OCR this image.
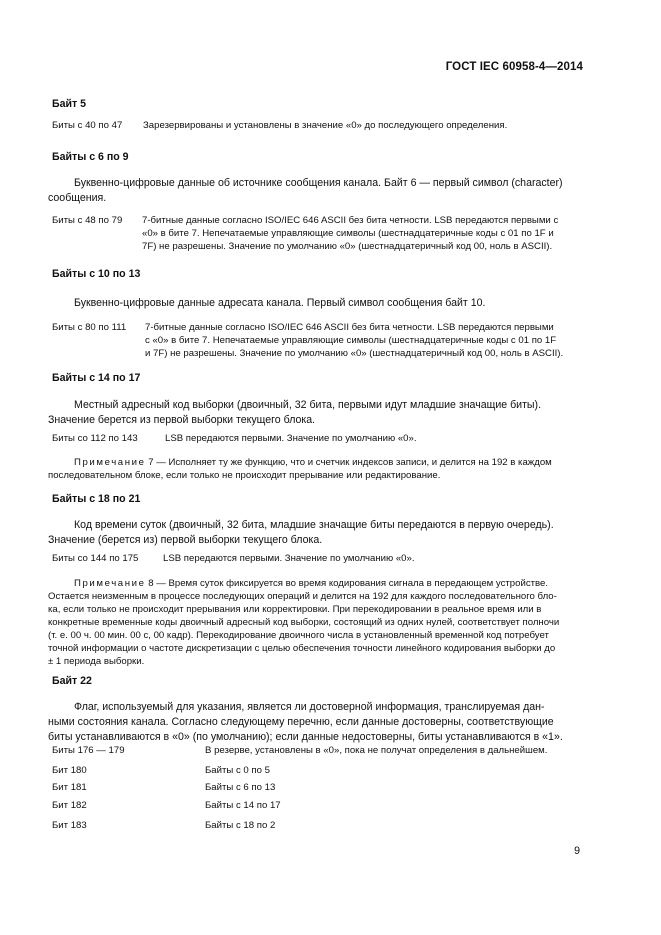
ГОСТ IEC 60958-4—2014
Байт 5
Биты с 40 по 47 Зарезервированы и установлены в значение «0» до последующего определения.
Байты с 6 по 9
Буквенно-цифровые данные об источнике сообщения канала. Байт 6 — первый символ (character)
сообщения.
Биты с 48 по 79 7-битные данные согласно ISO/IEC 646 ASCII без бита четности. LSB передаются первыми с
«0» в бите 7. Непечатаемые управляющие символы (шестнадцатеричные коды с 01 по 1F и
7F) не разрешены. Значение по умолчанию «0» (шестнадцатеричный код 00, ноль в ASCII).
Байты с 10 по 13
Буквенно-цифровые данные адресата канала. Первый символ сообщения байт 10.
Биты с 80 по 111 7-битные данные согласно ISO/IEC 646 ASCII без бита четности. LSB передаются первыми
с «0» в бите 7. Непечатаемые управляющие символы (шестнадцатеричные коды с 01 по 1F
и 7F) не разрешены. Значение по умолчанию «0» (шестнадцатеричный код 00, ноль в ASCII).
Байты с 14 по 17
Местный адресный код выборки (двоичный, 32 бита, первыми идут младшие значащие биты).
Значение берется из первой выборки текущего блока.
Биты со 112 по 143	LSB передаются первыми. Значение по умолчанию «0».
Примечание 7 — Исполняет ту же функцию, что и счетчик индексов записи, и делится на 192 в каждом
последовательном блоке, если только не происходит прерывание или редактирование.
Байты с 18 по 21
Код времени суток (двоичный, 32 бита, младшие значащие биты передаются в первую очередь).
Значение (берется из) первой выборки текущего блока.
Биты со 144 по 175	LSB передаются первыми. Значение по умолчанию «0».
Примечание 8 — Время суток фиксируется во время кодирования сигнала в передающем устройстве.
Остается неизменным в процессе последующих операций и делится на 192 для каждого последовательного бло-
ка, если только не происходит прерывания или корректировки. При перекодировании в реальное время или в
конкретные временные коды двоичный адресный код выборки, состоящий из одних нулей, соответствует полночи
(т. е. 00 ч. 00 мин. 00 с, 00 кадр). Перекодирование двоичного числа в установленный временной код потребует
точной информации о частоте дискретизации с целью обеспечения точности линейного кодирования выборки до
± 1 периода выборки.
Байт 22
Флаг, используемый для указания, является ли достоверной информация, транслируемая дан-
ными состояния канала. Согласно следующему перечню, если данные достоверны, соответствующие
биты устанавливаются в «0» (по умолчанию); если данные недостоверны, биты устанавливаются в «1».
Биты 176 — 179	В резерве, установлены в «0», пока не получат определения в дальнейшем.
Бит 180	Байты с 0 по 5
Бит 181	Байты с 6 по 13
Бит 182	Байты с 14 по 17
Бит 183	Байты с 18 по 2
9
